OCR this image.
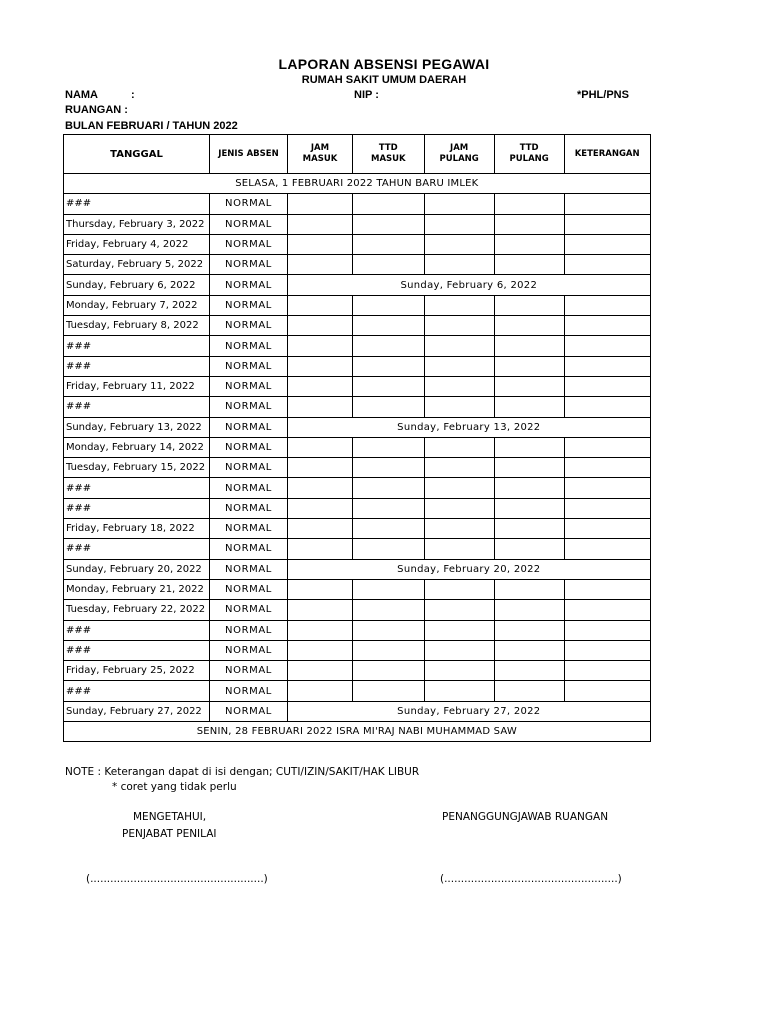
LAPORAN ABSENSI PEGAWAI
RUMAH SAKIT UMUM DAERAH
NAMA	:	NIP :	*PHL/PNS
RUANGAN :
BULAN FEBRUARI / TAHUN 2022
TANGGAL	JENIS ABSEN	JAM MASUK	TTD MASUK	JAM PULANG	TTD PULANG	KETERANGAN
SELASA, 1 FEBRUARI 2022 TAHUN BARU IMLEK						
###	NORMAL					
Thursday, February 3, 2022	NORMAL					
Friday, February 4, 2022	NORMAL					
Saturday, February 5, 2022	NORMAL					
Sunday, February 6, 2022	NORMAL	Sunday, February 6, 2022				
Monday, February 7, 2022	NORMAL					
Tuesday, February 8, 2022	NORMAL					
###	NORMAL					
###	NORMAL					
Friday, February 11, 2022	NORMAL					
###	NORMAL					
Sunday, February 13, 2022	NORMAL	Sunday, February 13, 2022				
Monday, February 14, 2022	NORMAL					
Tuesday, February 15, 2022	NORMAL					
###	NORMAL					
###	NORMAL					
Friday, February 18, 2022	NORMAL					
###	NORMAL					
Sunday, February 20, 2022	NORMAL	Sunday, February 20, 2022				
Monday, February 21, 2022	NORMAL					
Tuesday, February 22, 2022	NORMAL					
###	NORMAL					
###	NORMAL					
Friday, February 25, 2022	NORMAL					
###	NORMAL					
Sunday, February 27, 2022	NORMAL	Sunday, February 27, 2022				
SENIN, 28 FEBRUARI 2022 ISRA MI'RAJ NABI MUHAMMAD SAW						
NOTE : Keterangan dapat di isi dengan; CUTI/IZIN/SAKIT/HAK LIBUR
* coret yang tidak perlu
MENGETAHUI,
PENJABAT PENILAI
PENANGGUNGJAWAB RUANGAN
(....................................................)	(....................................................)
